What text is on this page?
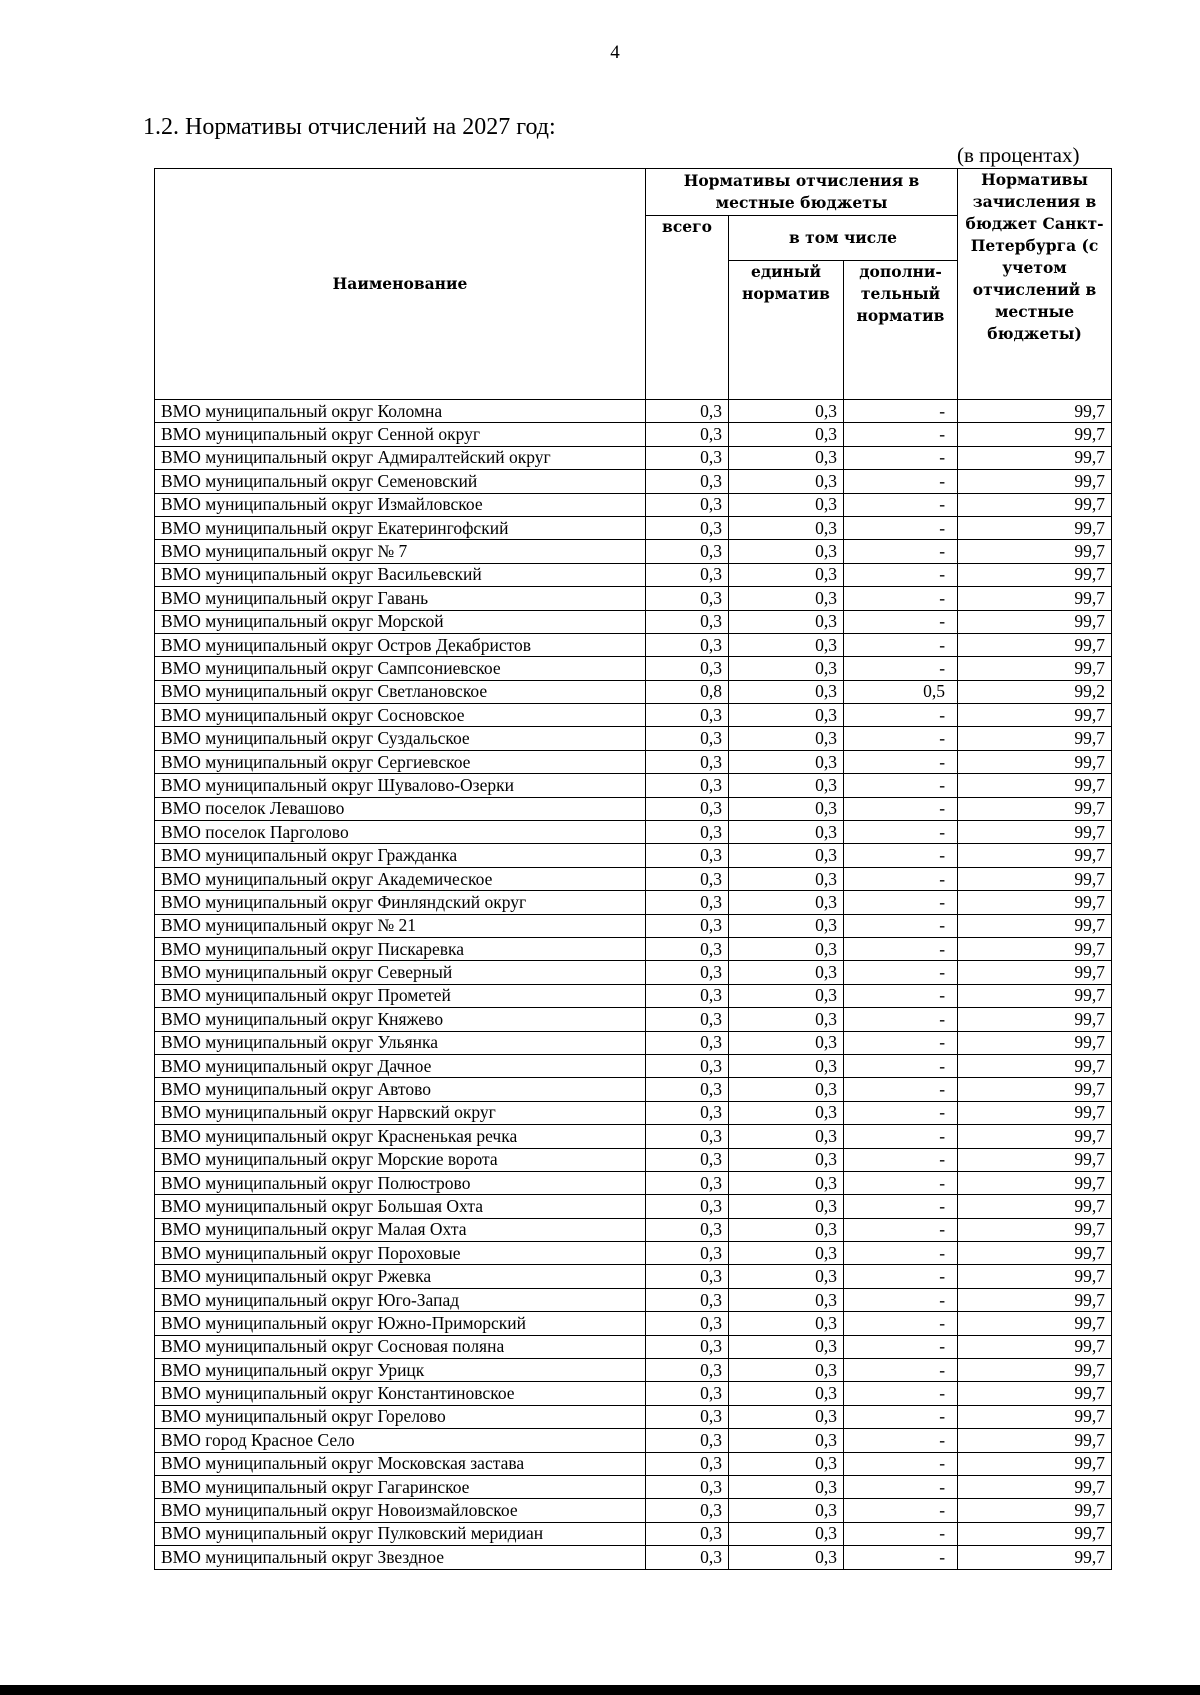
4
1.2. Нормативы отчислений на 2027 год:
(в процентах)
Наименование	Нормативы отчисления в местные бюджеты			Нормативы зачисления в бюджет Санкт-Петербурга (с учетом отчислений в местные бюджеты)
	всего	в том числе		
		единый норматив	дополни-тельный норматив	
ВМО муниципальный округ Коломна	0,3	0,3	-	99,7
ВМО муниципальный округ Сенной округ	0,3	0,3	-	99,7
ВМО муниципальный округ Адмиралтейский округ	0,3	0,3	-	99,7
ВМО муниципальный округ Семеновский	0,3	0,3	-	99,7
ВМО муниципальный округ Измайловское	0,3	0,3	-	99,7
ВМО муниципальный округ Екатерингофский	0,3	0,3	-	99,7
ВМО муниципальный округ № 7	0,3	0,3	-	99,7
ВМО муниципальный округ Васильевский	0,3	0,3	-	99,7
ВМО муниципальный округ Гавань	0,3	0,3	-	99,7
ВМО муниципальный округ Морской	0,3	0,3	-	99,7
ВМО муниципальный округ Остров Декабристов	0,3	0,3	-	99,7
ВМО муниципальный округ Сампсониевское	0,3	0,3	-	99,7
ВМО муниципальный округ Светлановское	0,8	0,3	0,5	99,2
ВМО муниципальный округ Сосновское	0,3	0,3	-	99,7
ВМО муниципальный округ Суздальское	0,3	0,3	-	99,7
ВМО муниципальный округ Сергиевское	0,3	0,3	-	99,7
ВМО муниципальный округ Шувалово-Озерки	0,3	0,3	-	99,7
ВМО поселок Левашово	0,3	0,3	-	99,7
ВМО поселок Парголово	0,3	0,3	-	99,7
ВМО муниципальный округ Гражданка	0,3	0,3	-	99,7
ВМО муниципальный округ Академическое	0,3	0,3	-	99,7
ВМО муниципальный округ Финляндский округ	0,3	0,3	-	99,7
ВМО муниципальный округ № 21	0,3	0,3	-	99,7
ВМО муниципальный округ Пискаревка	0,3	0,3	-	99,7
ВМО муниципальный округ Северный	0,3	0,3	-	99,7
ВМО муниципальный округ Прометей	0,3	0,3	-	99,7
ВМО муниципальный округ Княжево	0,3	0,3	-	99,7
ВМО муниципальный округ Ульянка	0,3	0,3	-	99,7
ВМО муниципальный округ Дачное	0,3	0,3	-	99,7
ВМО муниципальный округ Автово	0,3	0,3	-	99,7
ВМО муниципальный округ Нарвский округ	0,3	0,3	-	99,7
ВМО муниципальный округ Красненькая речка	0,3	0,3	-	99,7
ВМО муниципальный округ Морские ворота	0,3	0,3	-	99,7
ВМО муниципальный округ Полюстрово	0,3	0,3	-	99,7
ВМО муниципальный округ Большая Охта	0,3	0,3	-	99,7
ВМО муниципальный округ Малая Охта	0,3	0,3	-	99,7
ВМО муниципальный округ Пороховые	0,3	0,3	-	99,7
ВМО муниципальный округ Ржевка	0,3	0,3	-	99,7
ВМО муниципальный округ Юго-Запад	0,3	0,3	-	99,7
ВМО муниципальный округ Южно-Приморский	0,3	0,3	-	99,7
ВМО муниципальный округ Сосновая поляна	0,3	0,3	-	99,7
ВМО муниципальный округ Урицк	0,3	0,3	-	99,7
ВМО муниципальный округ Константиновское	0,3	0,3	-	99,7
ВМО муниципальный округ Горелово	0,3	0,3	-	99,7
ВМО город Красное Село	0,3	0,3	-	99,7
ВМО муниципальный округ Московская застава	0,3	0,3	-	99,7
ВМО муниципальный округ Гагаринское	0,3	0,3	-	99,7
ВМО муниципальный округ Новоизмайловское	0,3	0,3	-	99,7
ВМО муниципальный округ Пулковский меридиан	0,3	0,3	-	99,7
ВМО муниципальный округ Звездное	0,3	0,3	-	99,7
